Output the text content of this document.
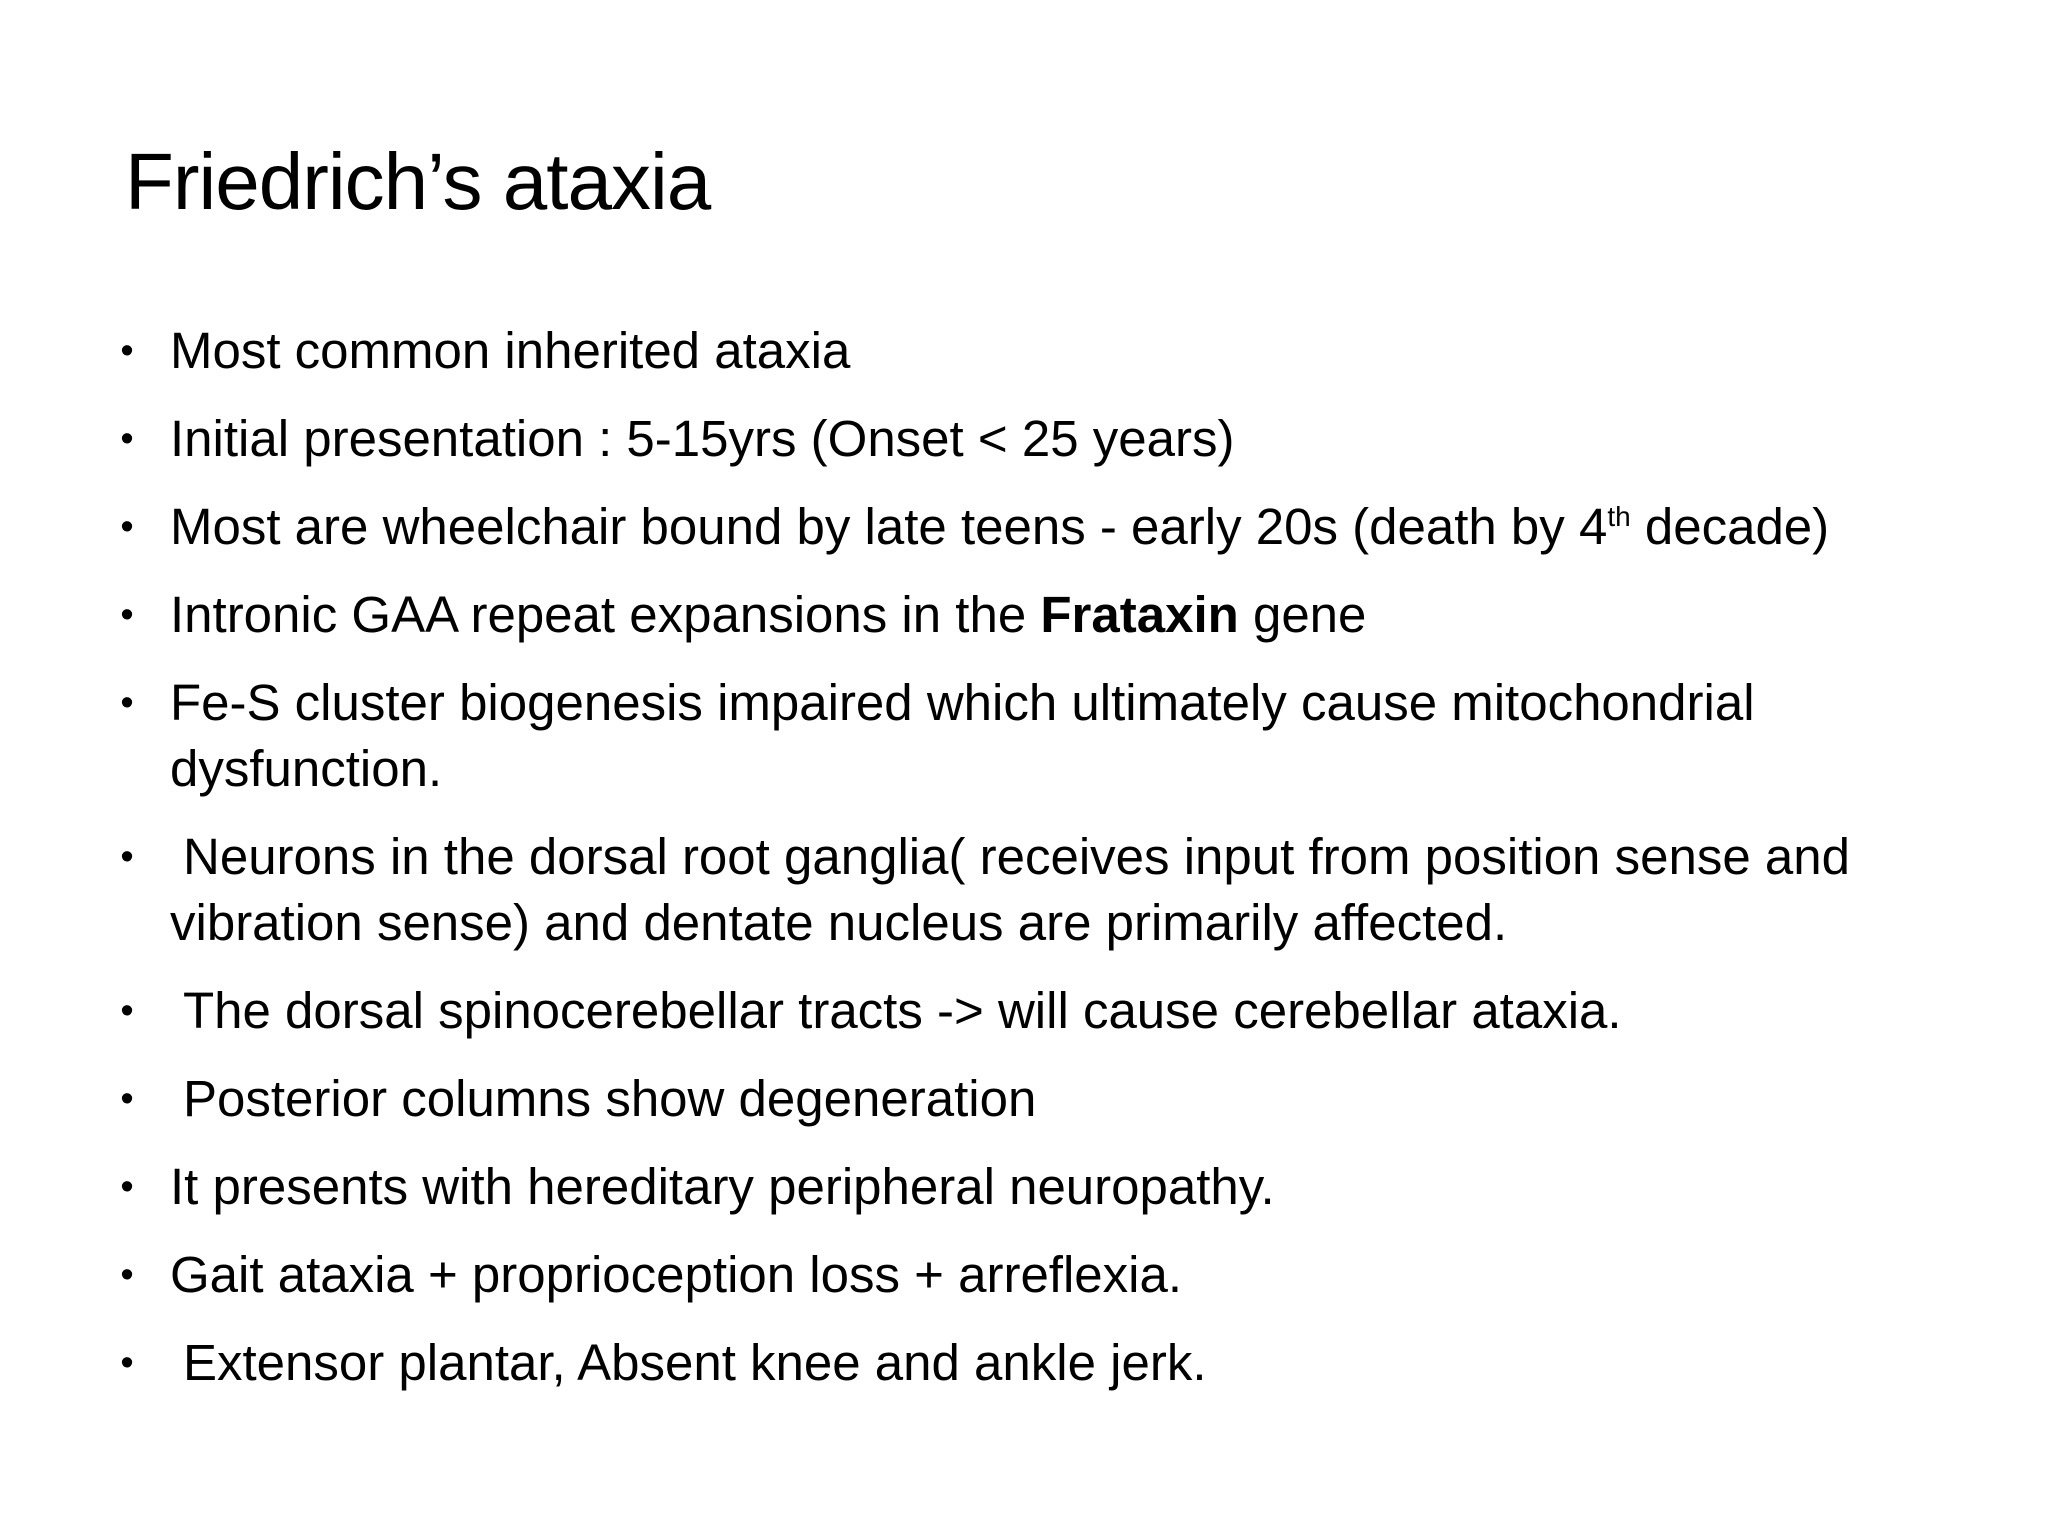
Friedrich’s ataxia
• Most common inherited ataxia
• Initial presentation : 5-15yrs (Onset < 25 years)
• Most are wheelchair bound by late teens - early 20s (death by 4th decade)
• Intronic GAA repeat expansions in the Frataxin gene
• Fe-S cluster biogenesis impaired which ultimately cause mitochondrial dysfunction.
• Neurons in the dorsal root ganglia( receives input from position sense and vibration sense) and dentate nucleus are primarily affected.
• The dorsal spinocerebellar tracts -> will cause cerebellar ataxia.
• Posterior columns show degeneration
• It presents with hereditary peripheral neuropathy.
• Gait ataxia + proprioception loss + arreflexia.
• Extensor plantar, Absent knee and ankle jerk.
